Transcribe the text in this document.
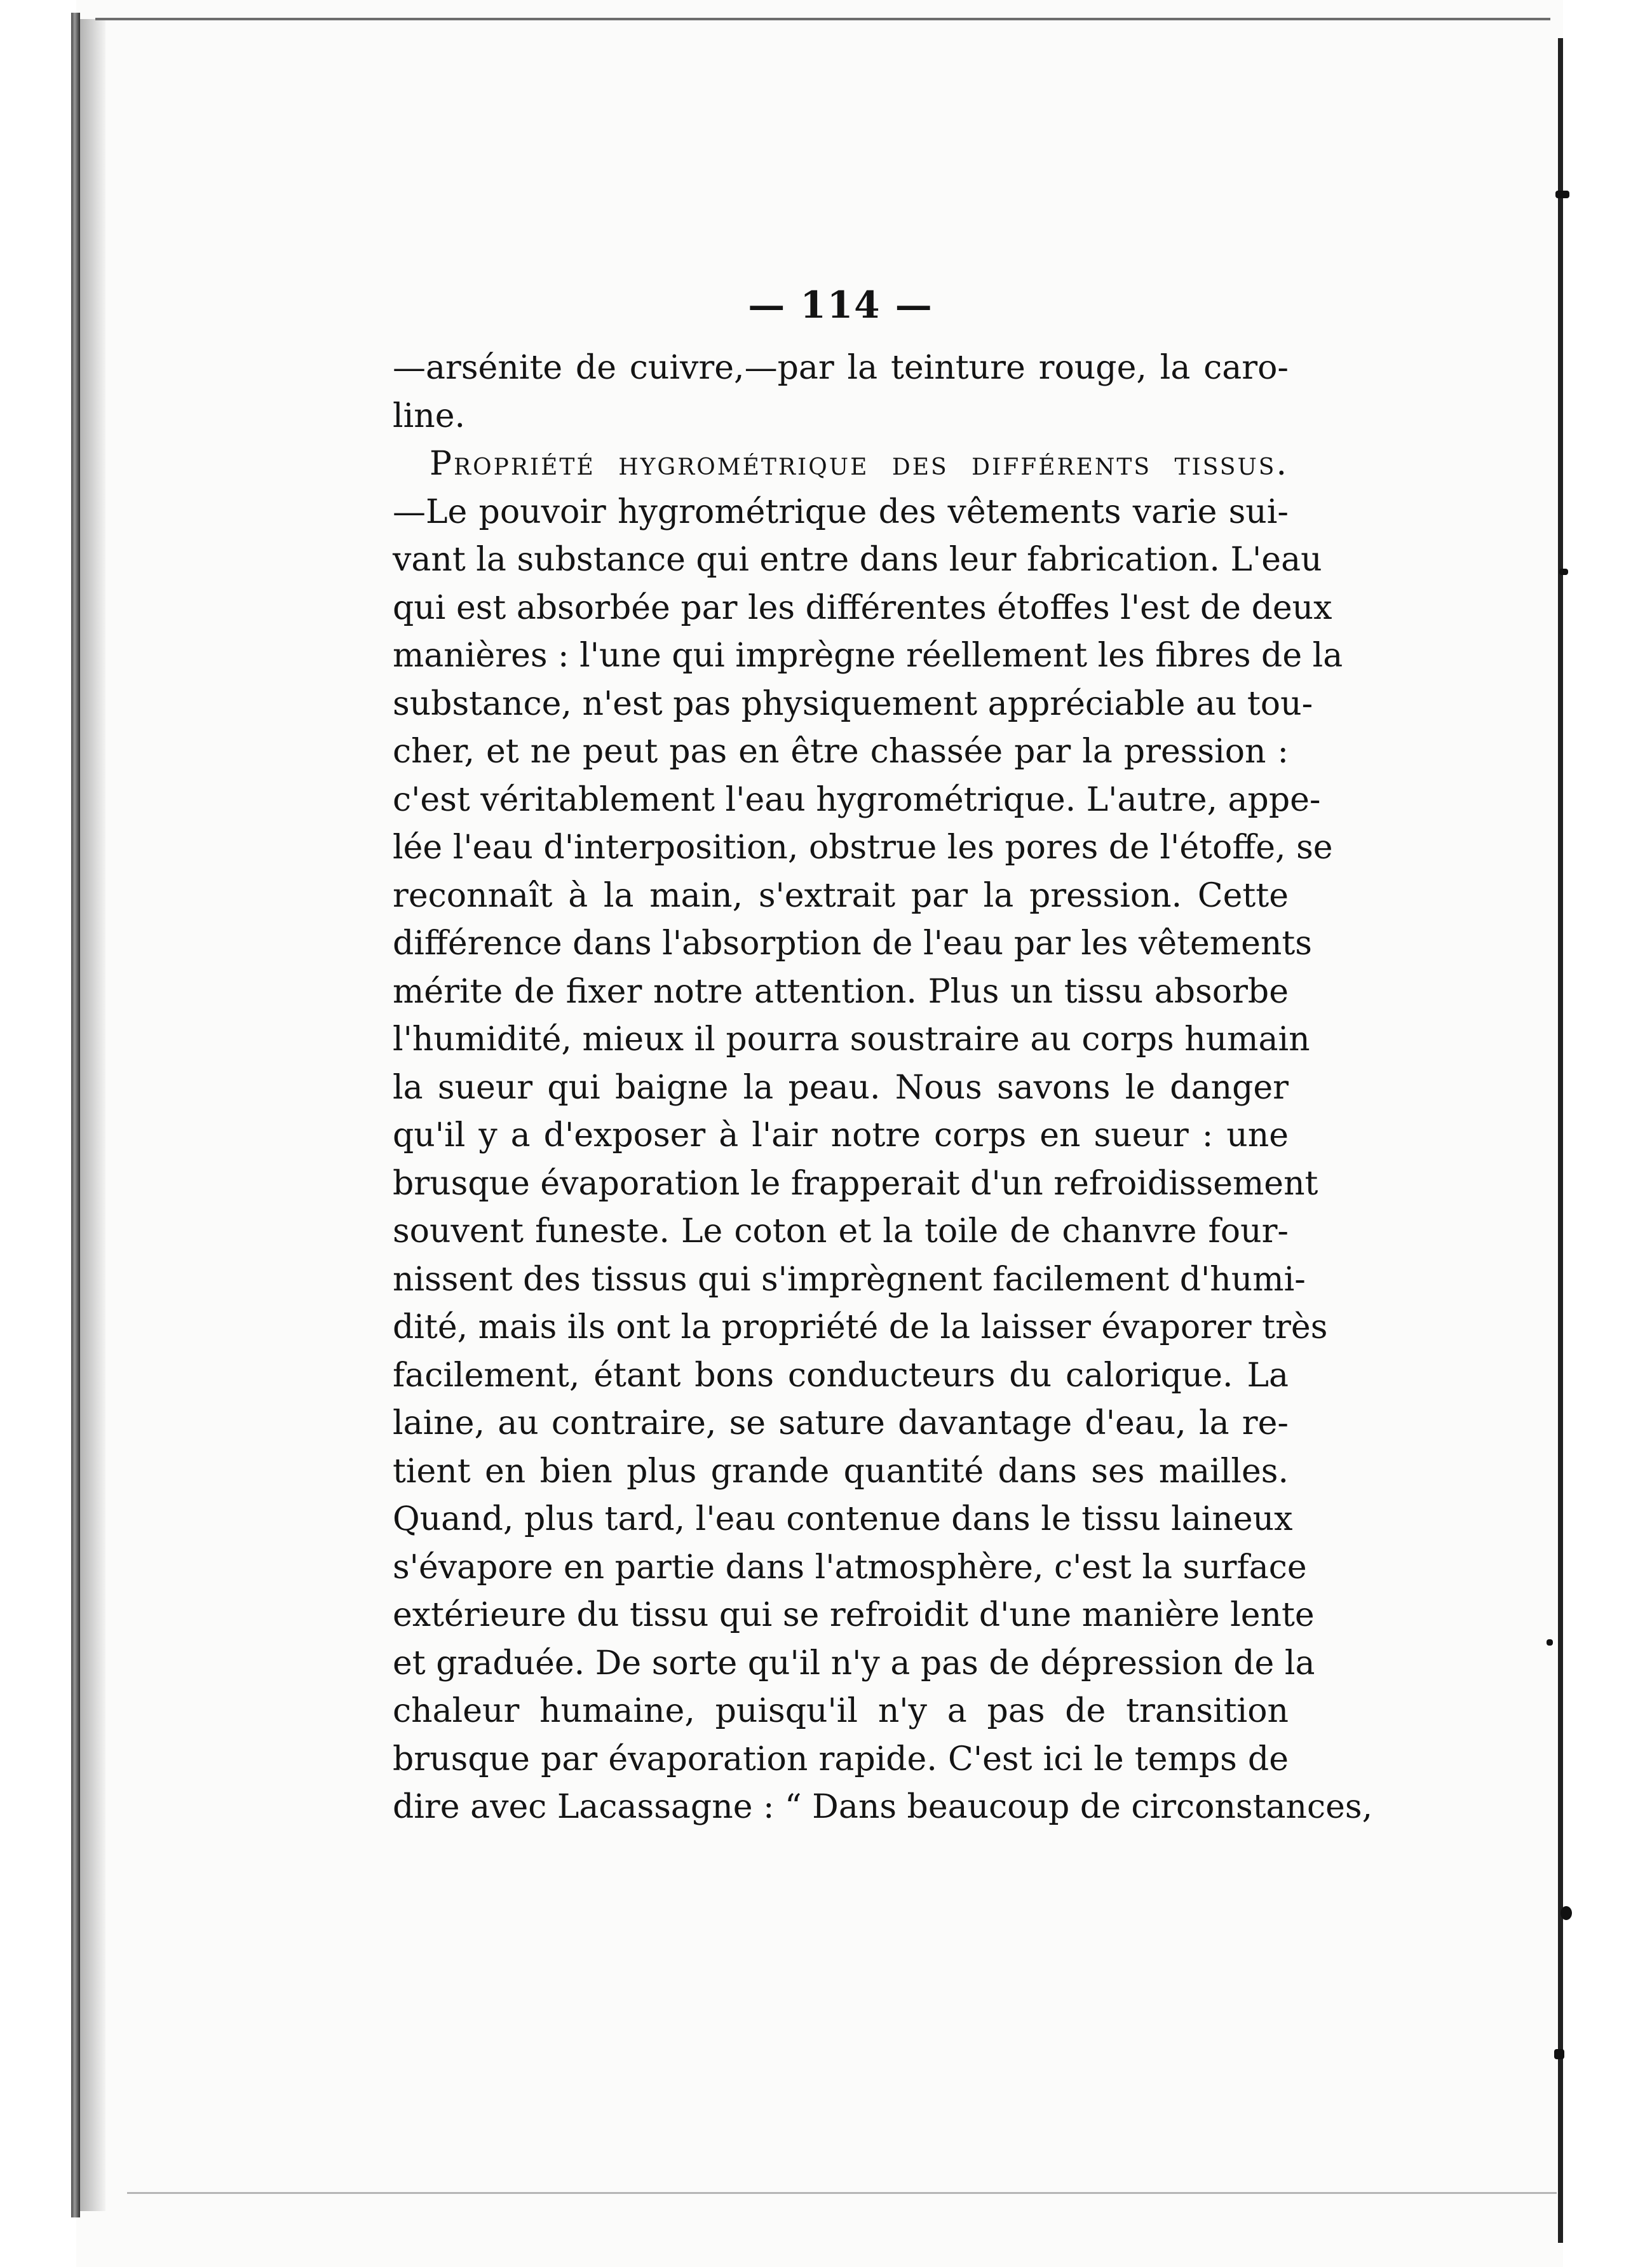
— 114 —
—arsénite de cuivre,—par la teinture rouge, la caro-
line.
Propriété hygrométrique des différents tissus.
—Le pouvoir hygrométrique des vêtements varie sui-
vant la substance qui entre dans leur fabrication. L'eau
qui est absorbée par les différentes étoffes l'est de deux
manières : l'une qui imprègne réellement les fibres de la
substance, n'est pas physiquement appréciable au tou-
cher, et ne peut pas en être chassée par la pression :
c'est véritablement l'eau hygrométrique. L'autre, appe-
lée l'eau d'interposition, obstrue les pores de l'étoffe, se
reconnaît à la main, s'extrait par la pression. Cette
différence dans l'absorption de l'eau par les vêtements
mérite de fixer notre attention. Plus un tissu absorbe
l'humidité, mieux il pourra soustraire au corps humain
la sueur qui baigne la peau. Nous savons le danger
qu'il y a d'exposer à l'air notre corps en sueur : une
brusque évaporation le frapperait d'un refroidissement
souvent funeste. Le coton et la toile de chanvre four-
nissent des tissus qui s'imprègnent facilement d'humi-
dité, mais ils ont la propriété de la laisser évaporer très
facilement, étant bons conducteurs du calorique. La
laine, au contraire, se sature davantage d'eau, la re-
tient en bien plus grande quantité dans ses mailles.
Quand, plus tard, l'eau contenue dans le tissu laineux
s'évapore en partie dans l'atmosphère, c'est la surface
extérieure du tissu qui se refroidit d'une manière lente
et graduée. De sorte qu'il n'y a pas de dépression de la
chaleur humaine, puisqu'il n'y a pas de transition
brusque par évaporation rapide. C'est ici le temps de
dire avec Lacassagne : “ Dans beaucoup de circonstances,
